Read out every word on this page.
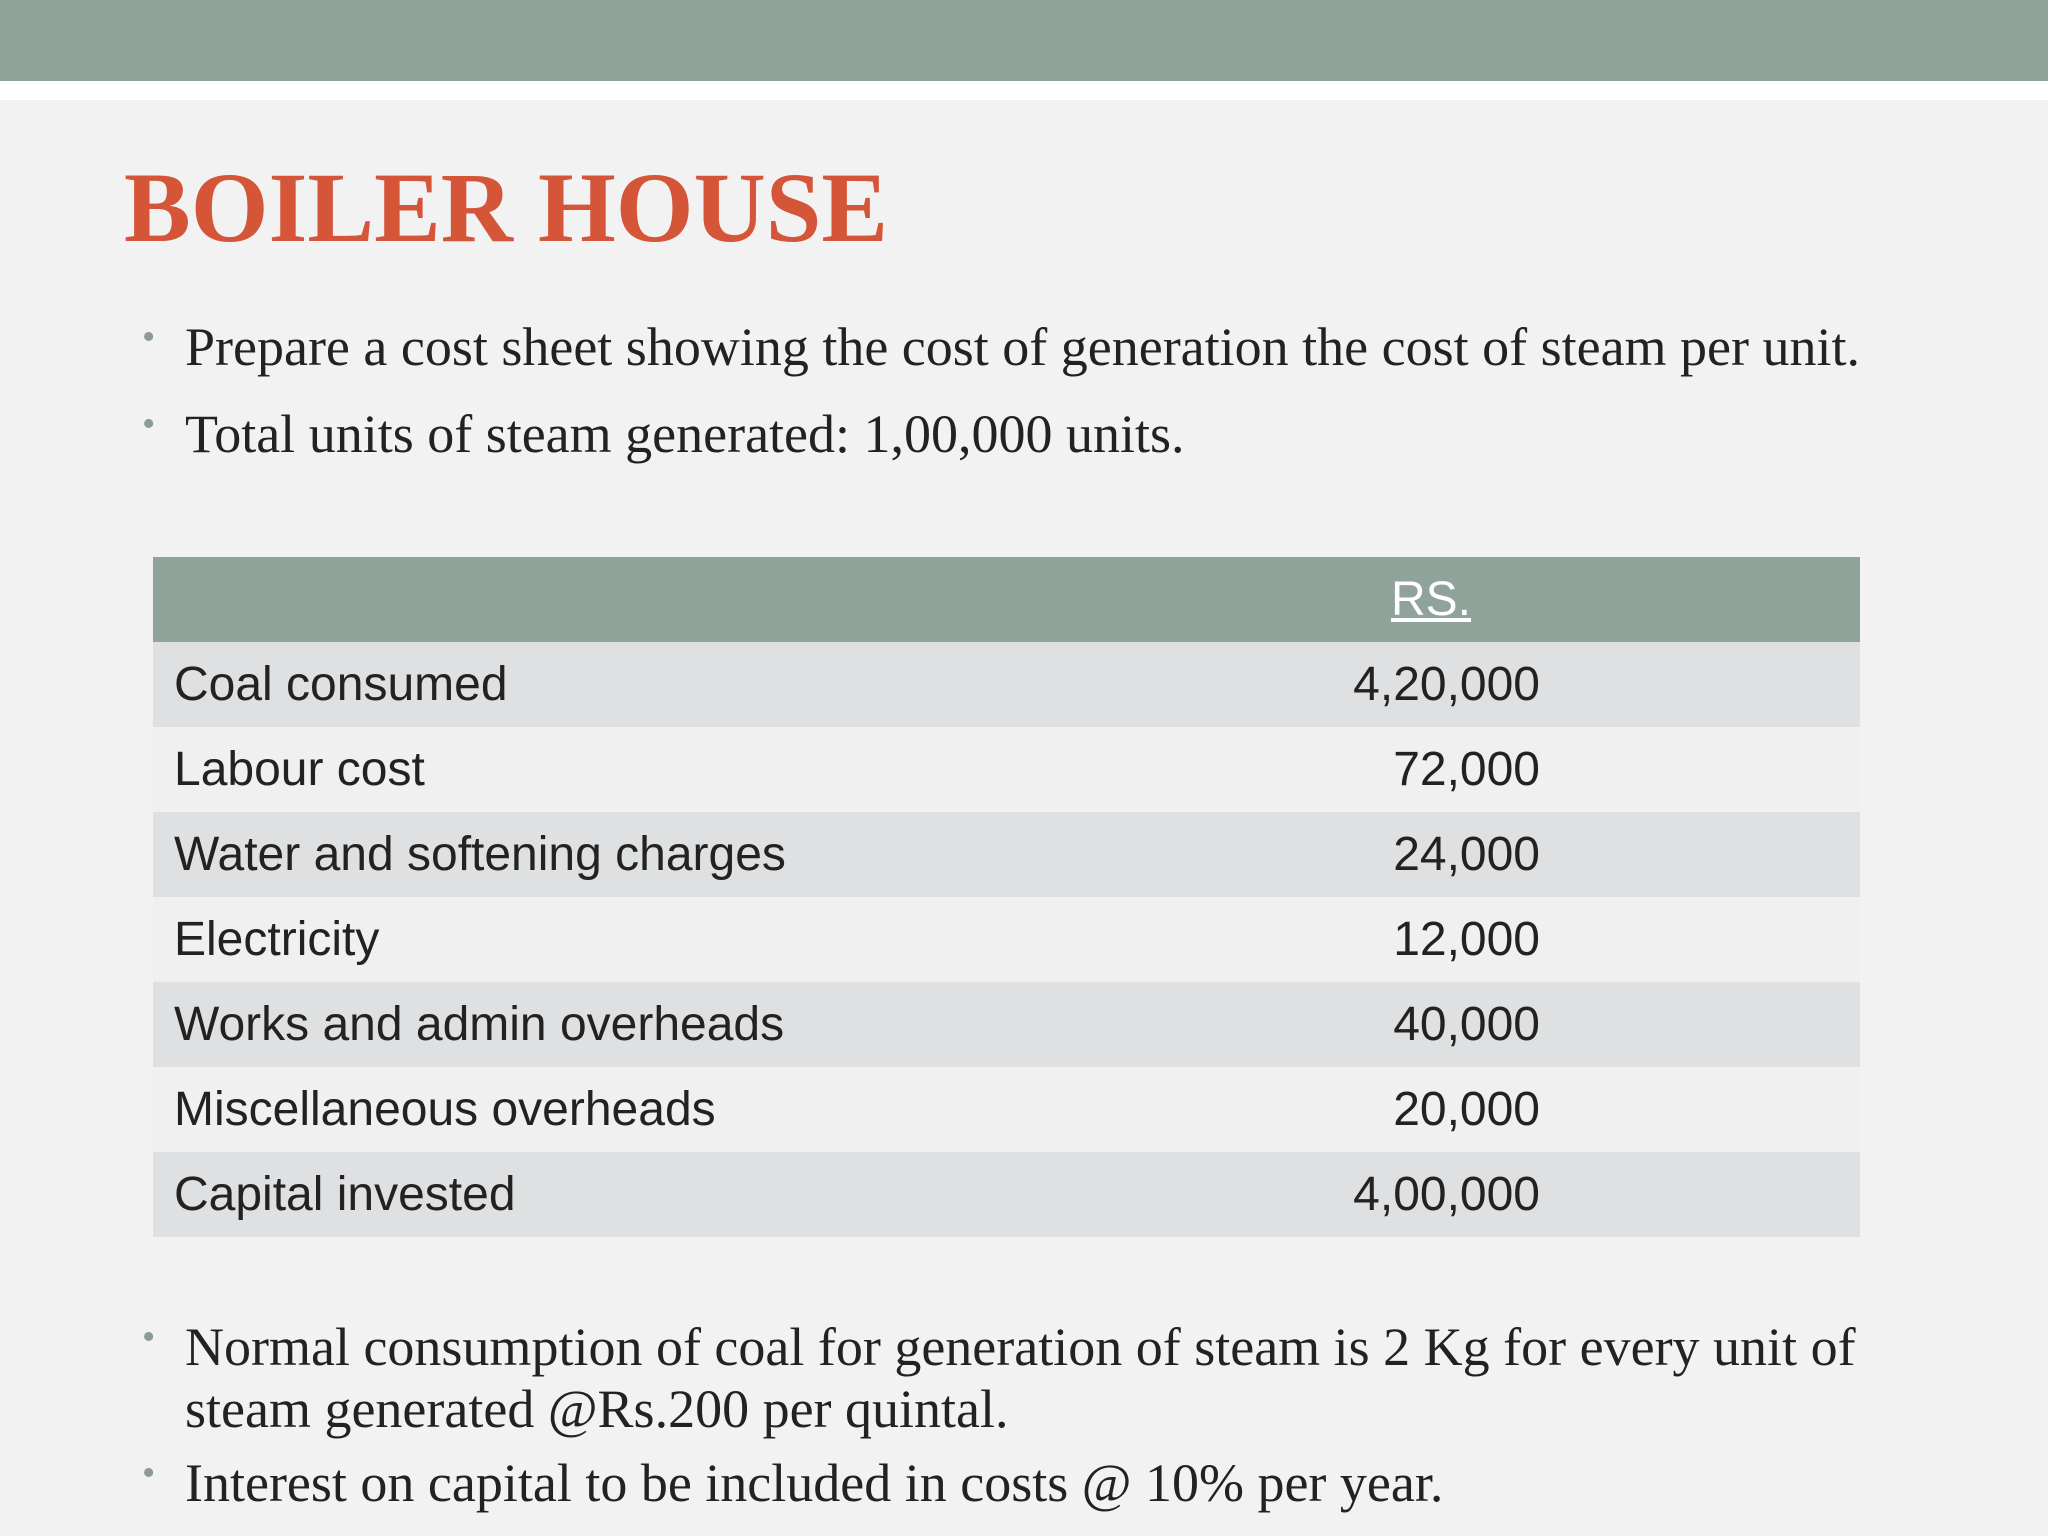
BOILER HOUSE
• Prepare a cost sheet showing the cost of generation the cost of steam per unit.
• Total units of steam generated: 1,00,000 units.
RS.	
Coal consumed	4,20,000
Labour cost	72,000
Water and softening charges	24,000
Electricity	12,000
Works and admin overheads	40,000
Miscellaneous overheads	20,000
Capital invested	4,00,000
• Normal consumption of coal for generation of steam is 2 Kg for every unit of steam generated @Rs.200 per quintal.
• Interest on capital to be included in costs @ 10% per year.
